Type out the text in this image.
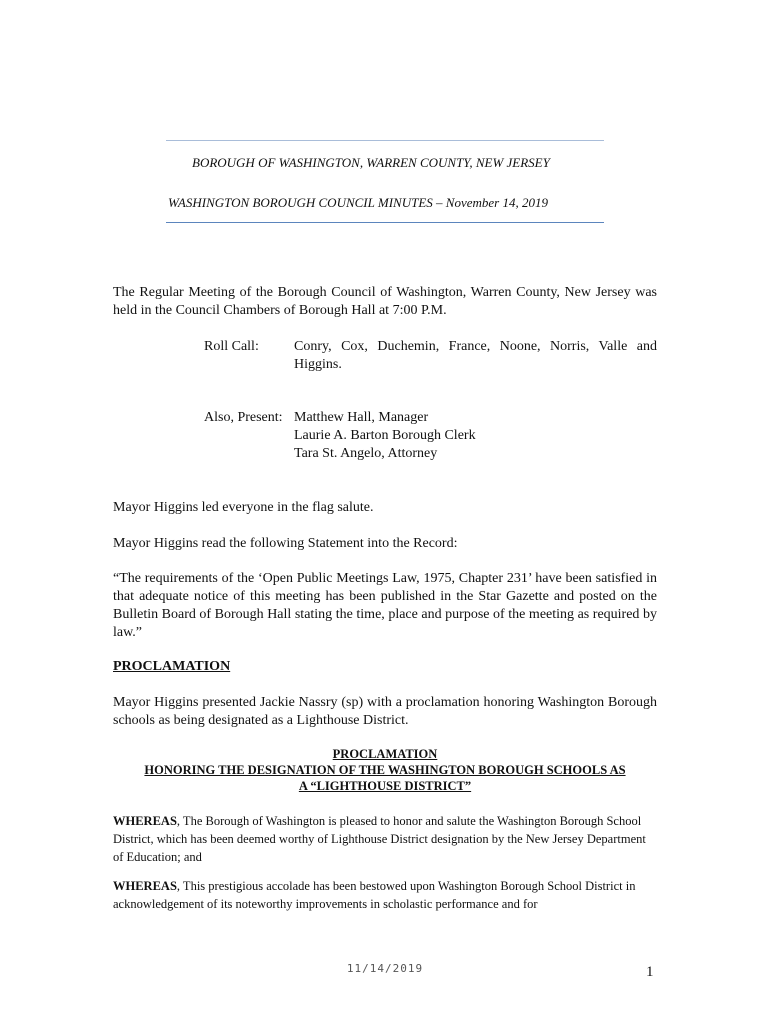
BOROUGH OF WASHINGTON, WARREN COUNTY, NEW JERSEY
WASHINGTON BOROUGH COUNCIL MINUTES – November 14, 2019
The Regular Meeting of the Borough Council of Washington, Warren County, New Jersey was held in the Council Chambers of Borough Hall at 7:00 P.M.
Roll Call:	Conry, Cox, Duchemin, France, Noone, Norris, Valle and Higgins.
Also, Present: Matthew Hall, Manager
Laurie A. Barton Borough Clerk
Tara St. Angelo, Attorney
Mayor Higgins led everyone in the flag salute.
Mayor Higgins read the following Statement into the Record:
“The requirements of the ‘Open Public Meetings Law, 1975, Chapter 231’ have been satisfied in that adequate notice of this meeting has been published in the Star Gazette and posted on the Bulletin Board of Borough Hall stating the time, place and purpose of the meeting as required by law.”
PROCLAMATION
Mayor Higgins presented Jackie Nassry (sp) with a proclamation honoring Washington Borough schools as being designated as a Lighthouse District.
PROCLAMATION
HONORING THE DESIGNATION OF THE WASHINGTON BOROUGH SCHOOLS AS
A “LIGHTHOUSE DISTRICT”
WHEREAS, The Borough of Washington is pleased to honor and salute the Washington Borough School District, which has been deemed worthy of Lighthouse District designation by the New Jersey Department of Education; and
WHEREAS, This prestigious accolade has been bestowed upon Washington Borough School District in acknowledgement of its noteworthy improvements in scholastic performance and for
11/14/2019	1
